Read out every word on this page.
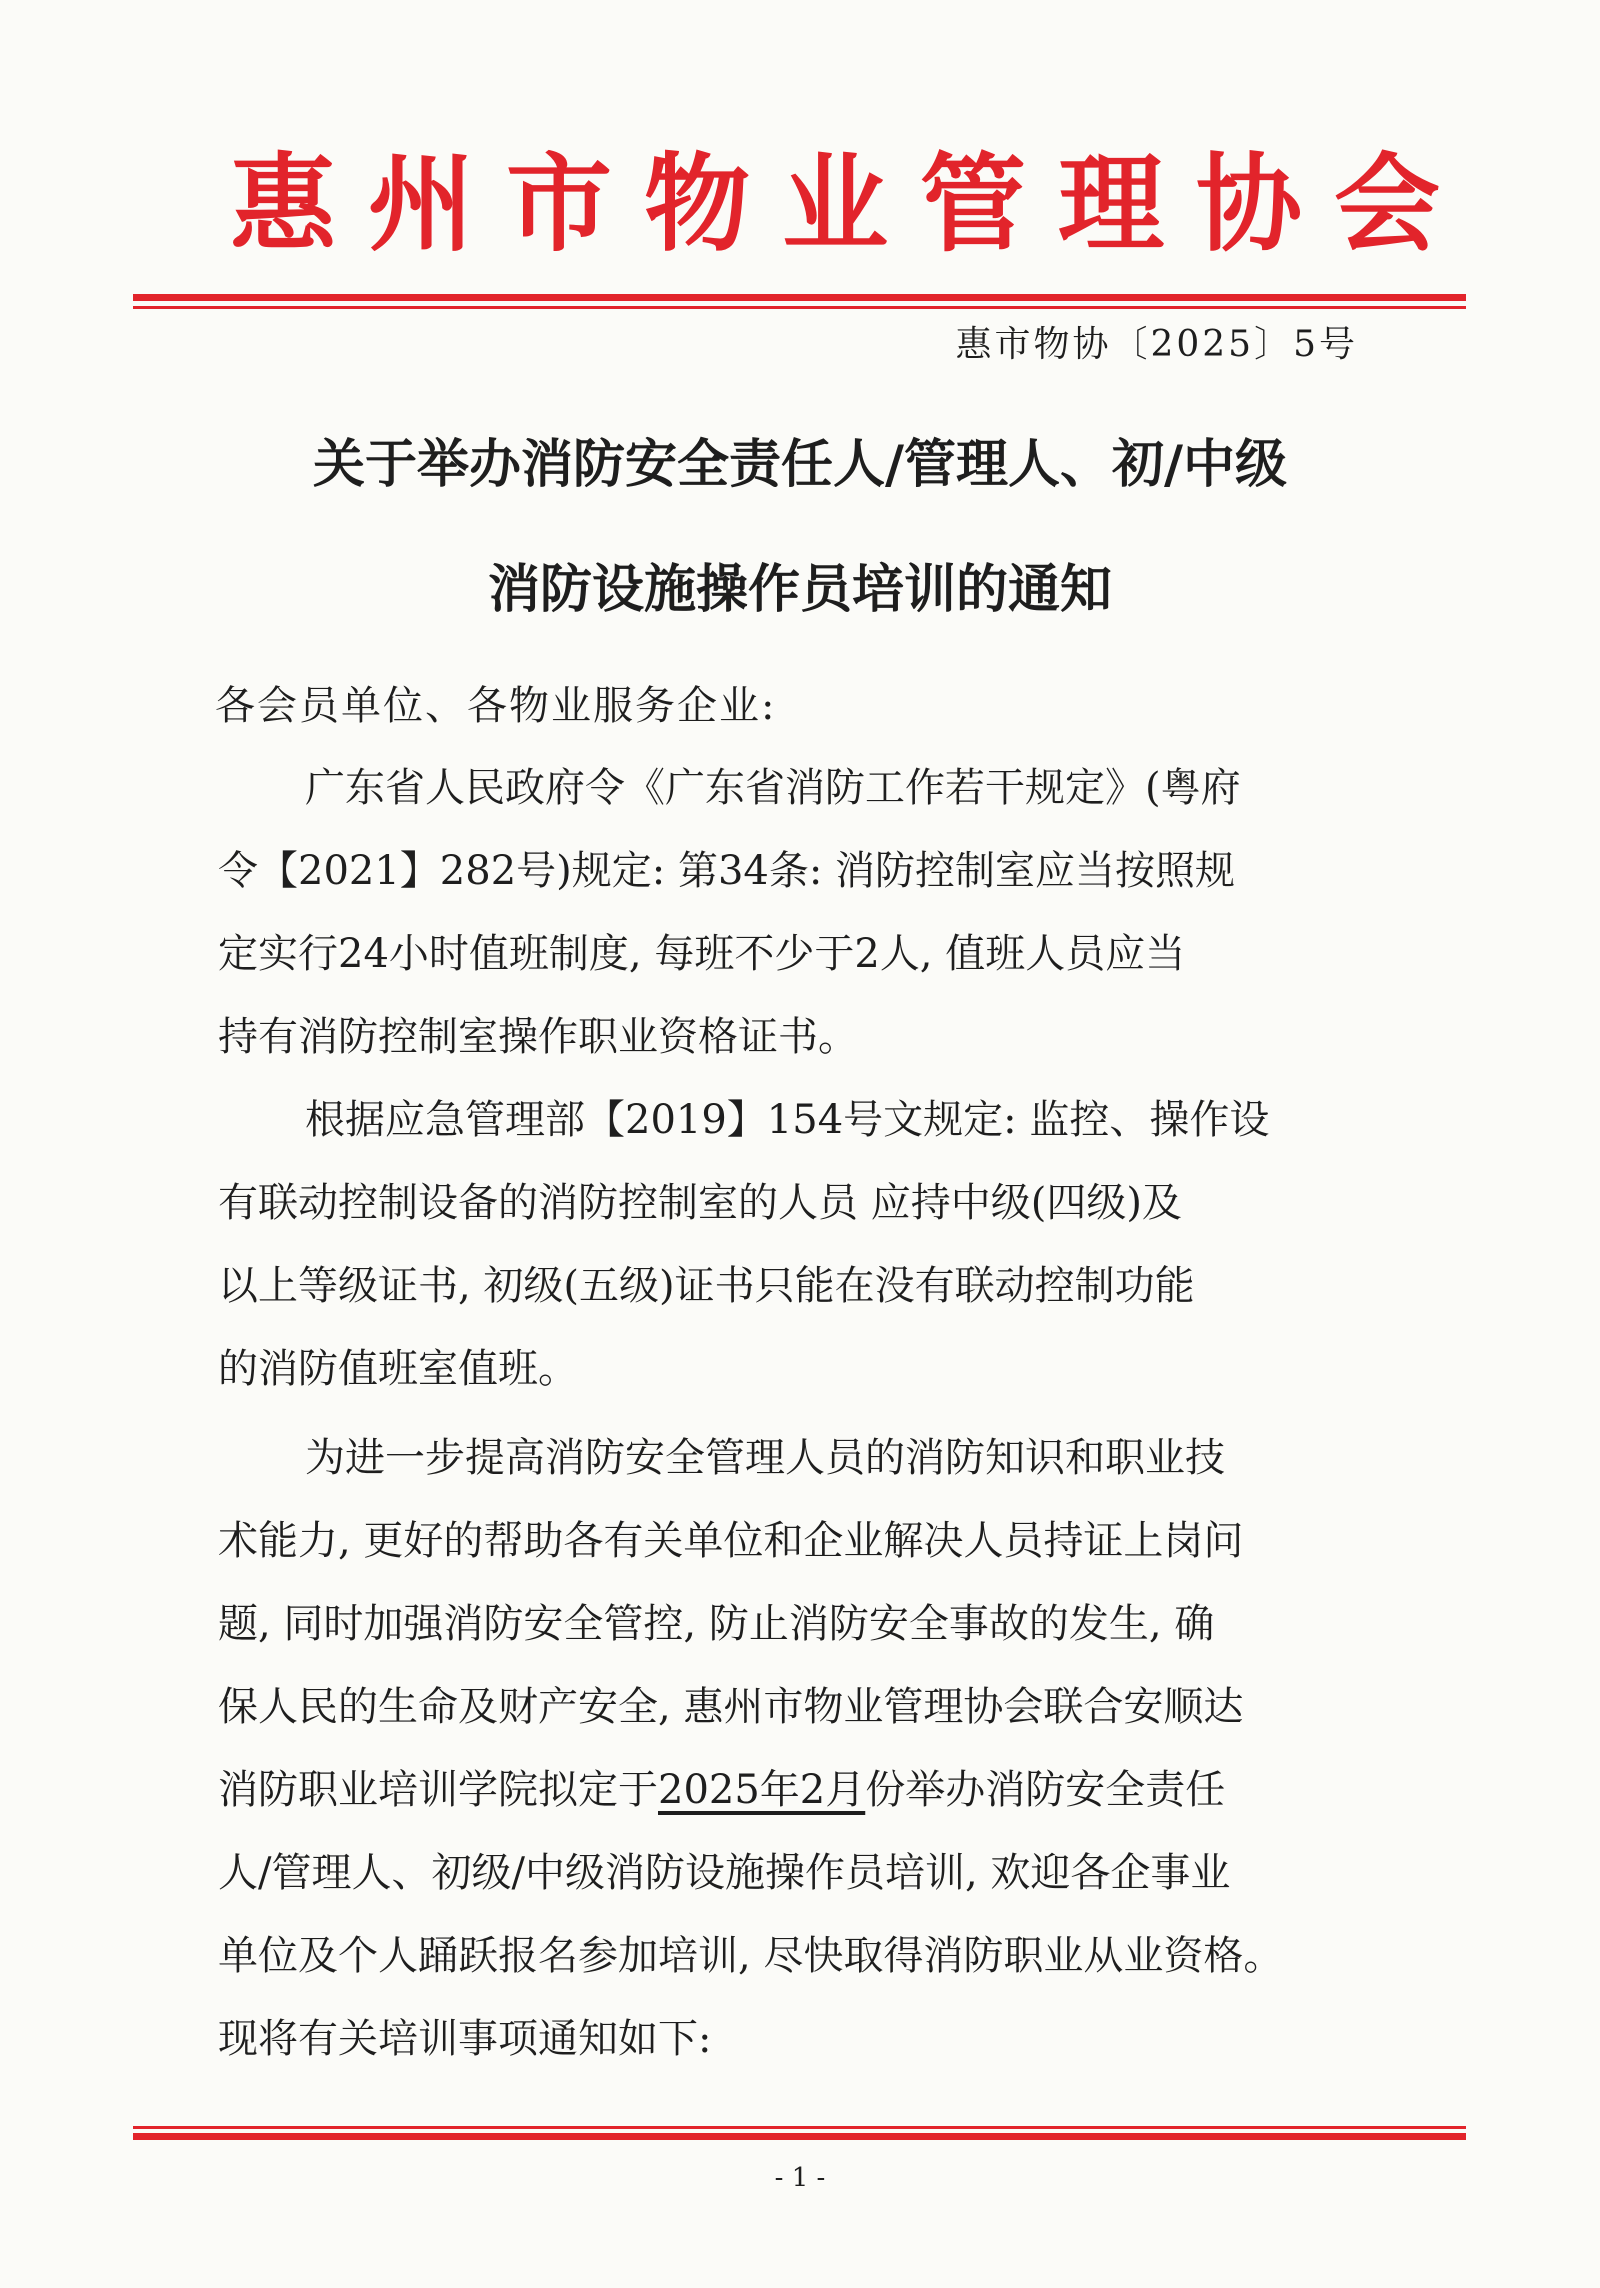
惠州市物业管理协会
惠市物协〔2025〕5号
关于举办消防安全责任人/管理人、初/中级
消防设施操作员培训的通知
各会员单位、各物业服务企业:
广东省人民政府令《广东省消防工作若干规定》(粤府
令【2021】282号)规定: 第34条: 消防控制室应当按照规
定实行24小时值班制度, 每班不少于2人, 值班人员应当
持有消防控制室操作职业资格证书。
根据应急管理部【2019】154号文规定: 监控、操作设
有联动控制设备的消防控制室的人员 应持中级(四级)及
以上等级证书, 初级(五级)证书只能在没有联动控制功能
的消防值班室值班。
为进一步提高消防安全管理人员的消防知识和职业技
术能力, 更好的帮助各有关单位和企业解决人员持证上岗问
题, 同时加强消防安全管控, 防止消防安全事故的发生, 确
保人民的生命及财产安全, 惠州市物业管理协会联合安顺达
消防职业培训学院拟定于2025年2月份举办消防安全责任
人/管理人、初级/中级消防设施操作员培训, 欢迎各企事业
单位及个人踊跃报名参加培训, 尽快取得消防职业从业资格。
现将有关培训事项通知如下:
- 1 -
